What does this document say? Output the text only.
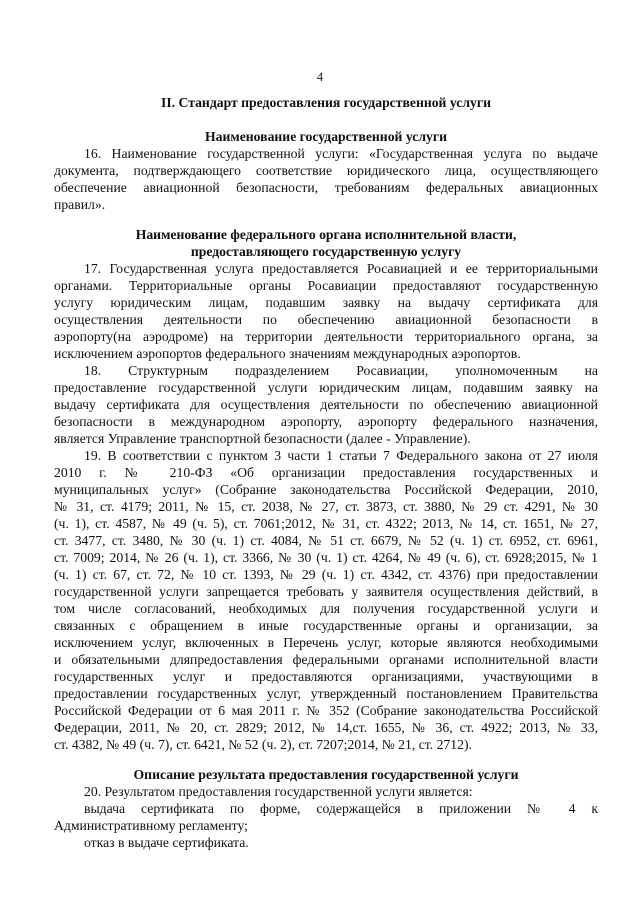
4

II. Стандарт предоставления государственной услуги

Наименование государственной услуги

16. Наименование государственной услуги: «Государственная услуга по выдаче

документа, подтверждающего соответствие юридического лица, осуществляющего

обеспечение авиационной безопасности, требованиям федеральных авиационных

правил».

Наименование федерального органа исполнительной власти,

предоставляющего государственную услугу

17. Государственная услуга предоставляется Росавиацией и ее территориальными

органами. Территориальные органы Росавиации предоставляют государственную

услугу юридическим лицам, подавшим заявку на выдачу сертификата для

осуществления деятельности по обеспечению авиационной безопасности в

аэропорту(на аэродроме) на территории деятельности территориального органа, за

исключением аэропортов федерального значениям международных аэропортов.

18. Структурным подразделением Росавиации, уполномоченным на

предоставление государственной услуги юридическим лицам, подавшим заявку на

выдачу сертификата для осуществления деятельности по обеспечению авиационной

безопасности в международном аэропорту, аэропорту федерального назначения,

является Управление транспортной безопасности (далее - Управление).

19. В соответствии с пунктом 3 части 1 статьи 7 Федерального закона от 27 июля

2010 г. № 210-ФЗ «Об организации предоставления государственных и

муниципальных услуг» (Собрание законодательства Российской Федерации, 2010,

№ 31, ст. 4179; 2011, № 15, ст. 2038, № 27, ст. 3873, ст. 3880, № 29 ст. 4291, № 30

(ч. 1), ст. 4587, № 49 (ч. 5), ст. 7061;2012, № 31, ст. 4322; 2013, № 14, ст. 1651, № 27,

ст. 3477, ст. 3480, № 30 (ч. 1) ст. 4084, № 51 ст. 6679, № 52 (ч. 1) ст. 6952, ст. 6961,

ст. 7009; 2014, № 26 (ч. 1), ст. 3366, № 30 (ч. 1) ст. 4264, № 49 (ч. 6), ст. 6928;2015, № 1

(ч. 1) ст. 67, ст. 72, № 10 ст. 1393, № 29 (ч. 1) ст. 4342, ст. 4376) при предоставлении

государственной услуги запрещается требовать у заявителя осуществления действий, в

том числе согласований, необходимых для получения государственной услуги и

связанных с обращением в иные государственные органы и организации, за

исключением услуг, включенных в Перечень услуг, которые являются необходимыми

и обязательными дляпредоставления федеральными органами исполнительной власти

государственных услуг и предоставляются организациями, участвующими в

предоставлении государственных услуг, утвержденный постановлением Правительства

Российской Федерации от 6 мая 2011 г. № 352 (Собрание законодательства Российской

Федерации, 2011, № 20, ст. 2829; 2012, № 14,ст. 1655, № 36, ст. 4922; 2013, № 33,

ст. 4382, № 49 (ч. 7), ст. 6421, № 52 (ч. 2), ст. 7207;2014, № 21, ст. 2712).

Описание результата предоставления государственной услуги

20. Результатом предоставления государственной услуги является:

выдача сертификата по форме, содержащейся в приложении № 4 к

Административному регламенту;

отказ в выдаче сертификата.
